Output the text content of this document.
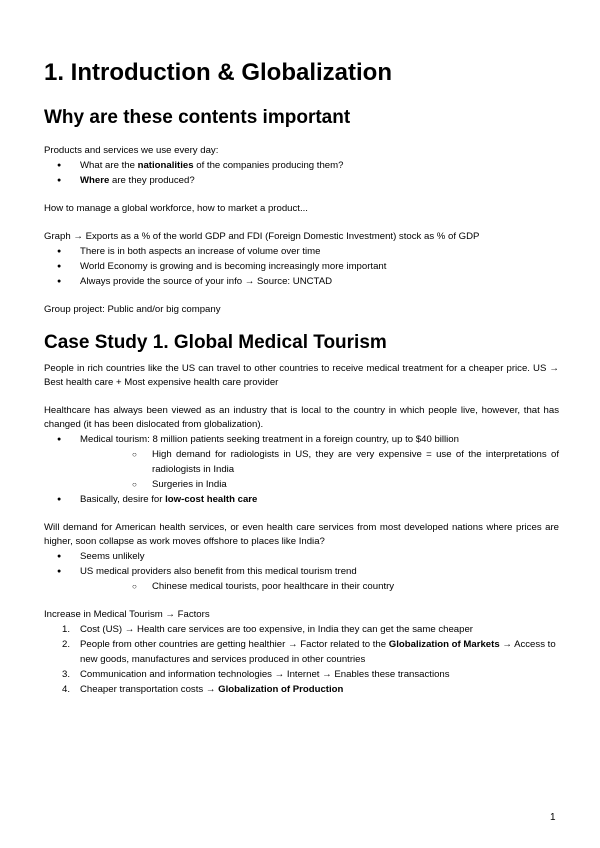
1. Introduction & Globalization
Why are these contents important

Products and services we use every day:

● What are the nationalities of the companies producing them?
● Where are they produced?

How to manage a global workforce, how to market a product...

Graph → Exports as a % of the world GDP and FDI (Foreign Domestic Investment) stock as % of GDP

● There is in both aspects an increase of volume over time
● World Economy is growing and is becoming increasingly more important
● Always provide the source of your info → Source: UNCTAD

Group project: Public and/or big company

Case Study 1. Global Medical Tourism

People in rich countries like the US can travel to other countries to receive medical treatment for a cheaper price. US → Best health care + Most expensive health care provider

Healthcare has always been viewed as an industry that is local to the country in which people live, however, that has changed (it has been dislocated from globalization).

● Medical tourism: 8 million patients seeking treatment in a foreign country, up to $40 billion
○ High demand for radiologists in US, they are very expensive = use of the interpretations of radiologists in India
○ Surgeries in India
● Basically, desire for low-cost health care

Will demand for American health services, or even health care services from most developed nations where prices are higher, soon collapse as work moves offshore to places like India?

● Seems unlikely
● US medical providers also benefit from this medical tourism trend
○ Chinese medical tourists, poor healthcare in their country

Increase in Medical Tourism → Factors

1. Cost (US) → Health care services are too expensive, in India they can get the same cheaper
2. People from other countries are getting healthier → Factor related to the Globalization of Markets → Access to new goods, manufactures and services produced in other countries
3. Communication and information technologies → Internet → Enables these transactions
4. Cheaper transportation costs → Globalization of Production
1
